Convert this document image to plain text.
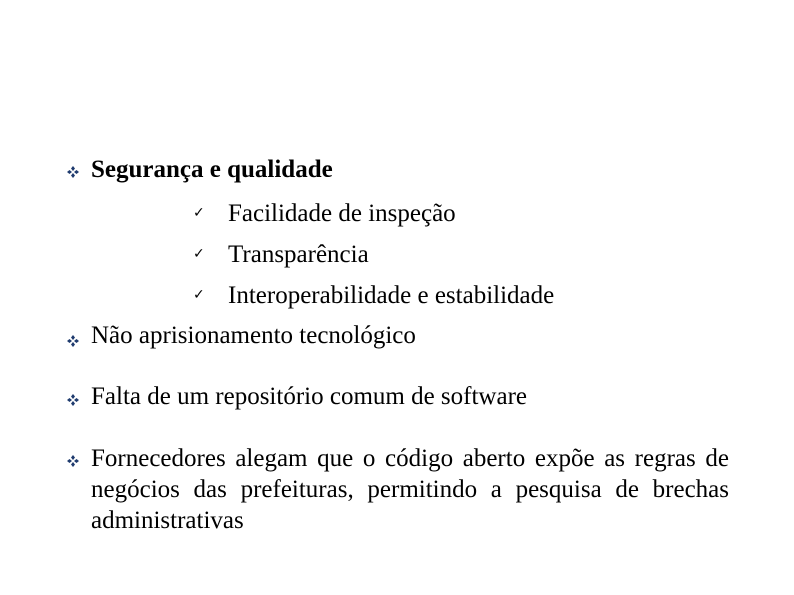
Segurança e qualidade
✓ Facilidade de inspeção
✓ Transparência
✓ Interoperabilidade e estabilidade
Não aprisionamento tecnológico
Falta de um repositório comum de software
Fornecedores alegam que o código aberto expõe as regras de negócios das prefeituras, permitindo a pesquisa de brechas administrativas
